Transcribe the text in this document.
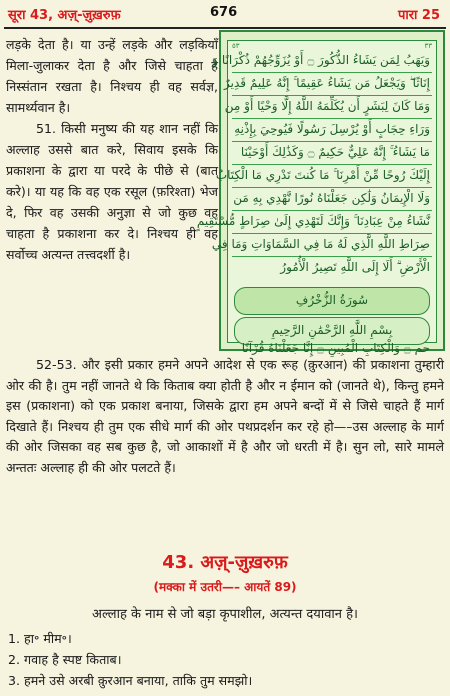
सूरा 43, अज़्-ज़ुख़रुफ़	676	पारा 25

लड़के देता है। या उन्हें लड़के और लड़कियाँ मिला-जुलाकर देता है और जिसे चाहता है निस्संतान रखता है। निश्चय ही वह सर्वज्ञ, सामर्थ्यवान है।

51. किसी मनुष्य की यह शान नहीं कि अल्लाह उससे बात करे, सिवाय इसके कि प्रकाशना के द्वारा या परदे के पीछे से (बात करे)। या यह कि वह एक रसूल (फ़रिश्ता) भेज दे, फिर वह उसकी अनुज्ञा से जो कुछ वह चाहता है प्रकाशना कर दे। निश्चय ही वह सर्वोच्च अत्यन्त तत्त्वदर्शी है।

٥٣	٣٣
وَيَهَبُ لِمَن يَشَاءُ الذُّكُورَ ۝ أَوْ يُزَوِّجُهُمْ ذُكْرَانًا وَ
إِنَاثًا ۖ وَيَجْعَلُ مَن يَشَاءُ عَقِيمًا ۚ إِنَّهُ عَلِيمٌ قَدِيرٌ
وَمَا كَانَ لِبَشَرٍ أَن يُكَلِّمَهُ اللَّهُ إِلَّا وَحْيًا أَوْ مِن
وَرَاءِ حِجَابٍ أَوْ يُرْسِلَ رَسُولًا فَيُوحِيَ بِإِذْنِهِ
مَا يَشَاءُ ۚ إِنَّهُ عَلِيٌّ حَكِيمٌ ۝ وَكَذَٰلِكَ أَوْحَيْنَا
إِلَيْكَ رُوحًا مِّنْ أَمْرِنَا ۚ مَا كُنتَ تَدْرِي مَا الْكِتَابُ
وَلَا الْإِيمَانُ وَلَٰكِن جَعَلْنَاهُ نُورًا نَّهْدِي بِهِ مَن
نَّشَاءُ مِنْ عِبَادِنَا ۚ وَإِنَّكَ لَتَهْدِي إِلَىٰ صِرَاطٍ مُّسْتَقِيمٍ
صِرَاطِ اللَّهِ الَّذِي لَهُ مَا فِي السَّمَاوَاتِ وَمَا فِي
الْأَرْضِ ۗ أَلَا إِلَى اللَّهِ تَصِيرُ الْأُمُورُ
سُورَةُ الزُّخْرُفِ
بِسْمِ اللَّهِ الرَّحْمَٰنِ الرَّحِيمِ
حم ۝ وَالْكِتَابِ الْمُبِينِ ۝ إِنَّا جَعَلْنَاهُ قُرْآنًا

52-53. और इसी प्रकार हमने अपने आदेश से एक रूह (क़ुरआन) की प्रकाशना तुम्हारी ओर की है। तुम नहीं जानते थे कि किताब क्या होती है और न ईमान को (जानते थे), किन्तु हमने इस (प्रकाशना) को एक प्रकाश बनाया, जिसके द्वारा हम अपने बन्दों में से जिसे चाहते हैं मार्ग दिखाते हैं। निश्चय ही तुम एक सीधे मार्ग की ओर पथप्रदर्शन कर रहे हो—–उस अल्लाह के मार्ग की ओर जिसका वह सब कुछ है, जो आकाशों में है और जो धरती में है। सुन लो, सारे मामले अन्ततः अल्लाह ही की ओर पलटते हैं।

43. अज़्-ज़ुख़रुफ़
(मक्का में उतरी—– आयतें 89)
अल्लाह के नाम से जो बड़ा कृपाशील, अत्यन्त दयावान है।
1. हा॰ मीम॰।
2. गवाह है स्पष्ट किताब।
3. हमने उसे अरबी क़ुरआन बनाया, ताकि तुम समझो।
